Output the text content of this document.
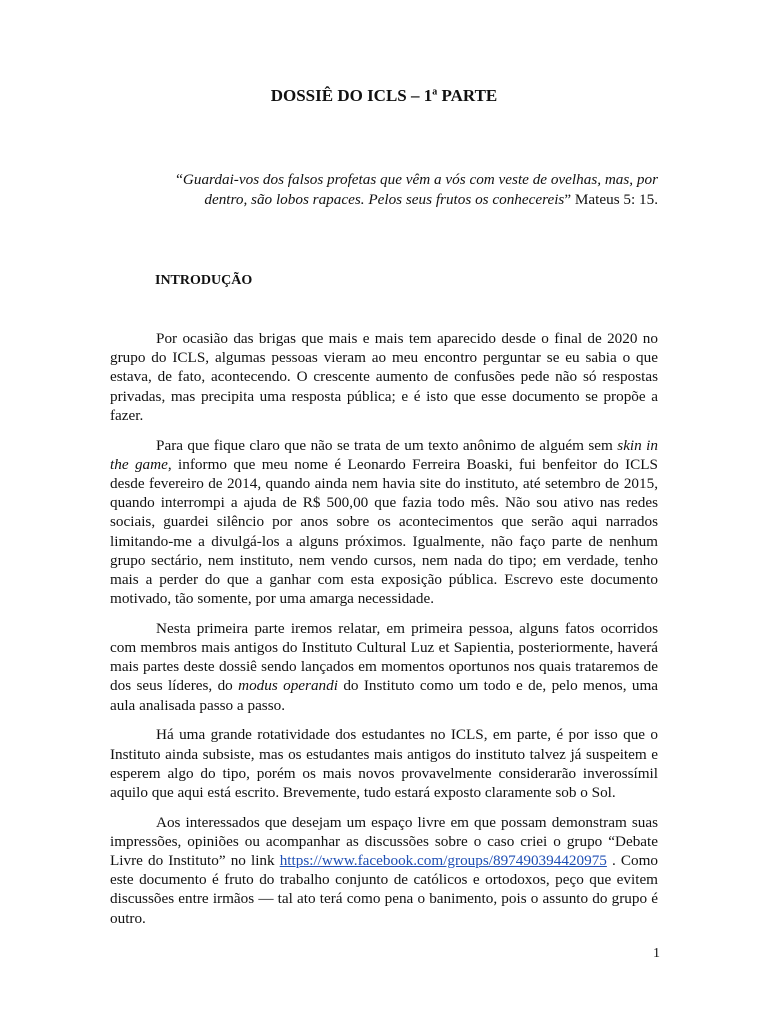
DOSSIÊ DO ICLS – 1$^a$ PARTE

“Guardai-vos dos falsos profetas que vêm a vós com veste de ovelhas, mas, por dentro, são lobos rapaces. Pelos seus frutos os conhecereis” Mateus 5: 15.

INTRODUÇÃO

Por ocasião das brigas que mais e mais tem aparecido desde o final de 2020 no grupo do ICLS, algumas pessoas vieram ao meu encontro perguntar se eu sabia o que estava, de fato, acontecendo. O crescente aumento de confusões pede não só respostas privadas, mas precipita uma resposta pública; e é isto que esse documento se propõe a fazer.

Para que fique claro que não se trata de um texto anônimo de alguém sem skin in the game, informo que meu nome é Leonardo Ferreira Boaski, fui benfeitor do ICLS desde fevereiro de 2014, quando ainda nem havia site do instituto, até setembro de 2015, quando interrompi a ajuda de R$ 500,00 que fazia todo mês. Não sou ativo nas redes sociais, guardei silêncio por anos sobre os acontecimentos que serão aqui narrados limitando-me a divulgá-los a alguns próximos. Igualmente, não faço parte de nenhum grupo sectário, nem instituto, nem vendo cursos, nem nada do tipo; em verdade, tenho mais a perder do que a ganhar com esta exposição pública. Escrevo este documento motivado, tão somente, por uma amarga necessidade.

Nesta primeira parte iremos relatar, em primeira pessoa, alguns fatos ocorridos com membros mais antigos do Instituto Cultural Luz et Sapientia, posteriormente, haverá mais partes deste dossiê sendo lançados em momentos oportunos nos quais trataremos de dos seus líderes, do modus operandi do Instituto como um todo e de, pelo menos, uma aula analisada passo a passo.

Há uma grande rotatividade dos estudantes no ICLS, em parte, é por isso que o Instituto ainda subsiste, mas os estudantes mais antigos do instituto talvez já suspeitem e esperem algo do tipo, porém os mais novos provavelmente considerarão inverossímil aquilo que aqui está escrito. Brevemente, tudo estará exposto claramente sob o Sol.

Aos interessados que desejam um espaço livre em que possam demonstram suas impressões, opiniões ou acompanhar as discussões sobre o caso criei o grupo “Debate Livre do Instituto” no link https://www.facebook.com/groups/897490394420975 . Como este documento é fruto do trabalho conjunto de católicos e ortodoxos, peço que evitem discussões entre irmãos — tal ato terá como pena o banimento, pois o assunto do grupo é outro.

1
